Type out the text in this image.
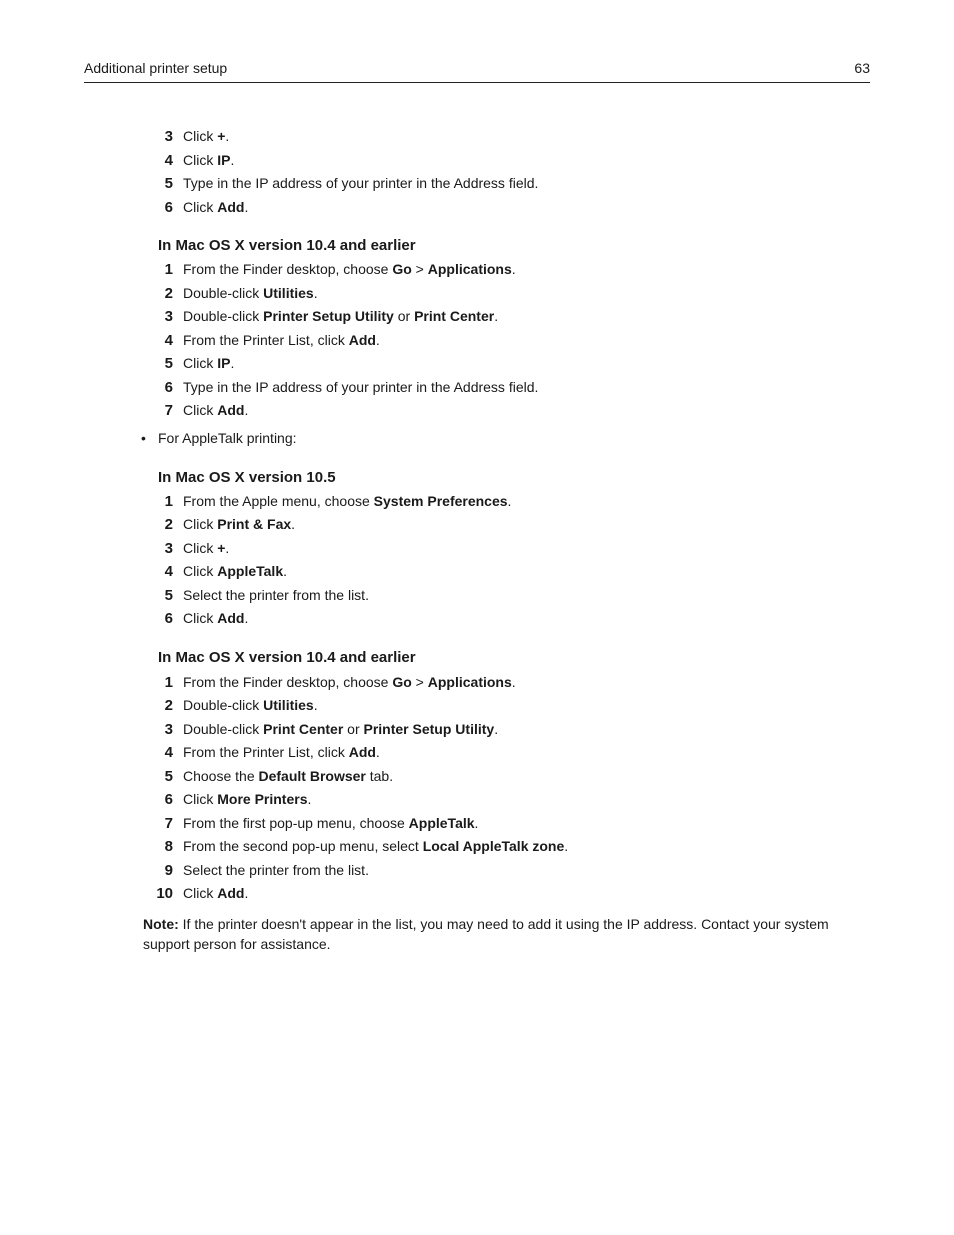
Additional printer setup	63
3 Click +.
4 Click IP.
5 Type in the IP address of your printer in the Address field.
6 Click Add.
In Mac OS X version 10.4 and earlier
1 From the Finder desktop, choose Go > Applications.
2 Double-click Utilities.
3 Double-click Printer Setup Utility or Print Center.
4 From the Printer List, click Add.
5 Click IP.
6 Type in the IP address of your printer in the Address field.
7 Click Add.
• For AppleTalk printing:
In Mac OS X version 10.5
1 From the Apple menu, choose System Preferences.
2 Click Print & Fax.
3 Click +.
4 Click AppleTalk.
5 Select the printer from the list.
6 Click Add.
In Mac OS X version 10.4 and earlier
1 From the Finder desktop, choose Go > Applications.
2 Double-click Utilities.
3 Double-click Print Center or Printer Setup Utility.
4 From the Printer List, click Add.
5 Choose the Default Browser tab.
6 Click More Printers.
7 From the first pop-up menu, choose AppleTalk.
8 From the second pop-up menu, select Local AppleTalk zone.
9 Select the printer from the list.
10 Click Add.

Note: If the printer doesn't appear in the list, you may need to add it using the IP address. Contact your system support person for assistance.
